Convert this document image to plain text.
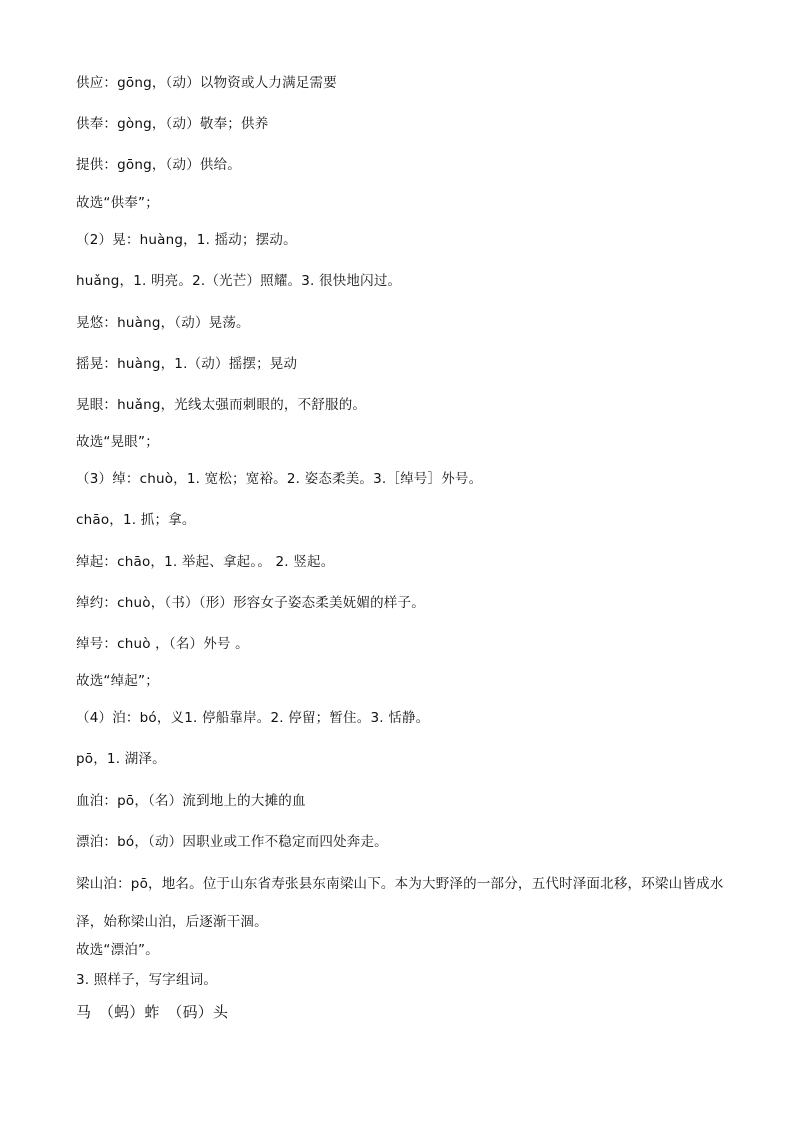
供应：gōng，（动）以物资或人力满足需要
供奉：gòng，（动）敬奉；供养
提供：gōng，（动）供给。
故选“供奉”；
（2）晃：huàng，1. 摇动；摆动。
huǎng，1. 明亮。2.（光芒）照耀。3. 很快地闪过。
晃悠：huàng，（动）晃荡。
摇晃：huàng，1.（动）摇摆；晃动
晃眼：huǎng，光线太强而刺眼的，不舒服的。
故选“晃眼”；
（3）绰：chuò，1. 宽松；宽裕。2. 姿态柔美。3.［绰号］外号。
chāo，1. 抓；拿。
绰起：chāo，1. 举起、拿起。。 2. 竖起。
绰约：chuò，（书）（形）形容女子姿态柔美妩媚的样子。
绰号：chuò ，（名）外号 。
故选“绰起”；
（4）泊：bó，义1. 停船靠岸。2. 停留；暂住。3. 恬静。
pō，1. 湖泽。
血泊：pō，（名）流到地上的大摊的血
漂泊：bó，（动）因职业或工作不稳定而四处奔走。
梁山泊：pō，地名。位于山东省寿张县东南梁山下。本为大野泽的一部分，五代时泽面北移，环梁山皆成水泽，始称梁山泊，后逐渐干涸。
故选“漂泊”。
3. 照样子，写字组词。
马　（蚂）蚱　（码）头
